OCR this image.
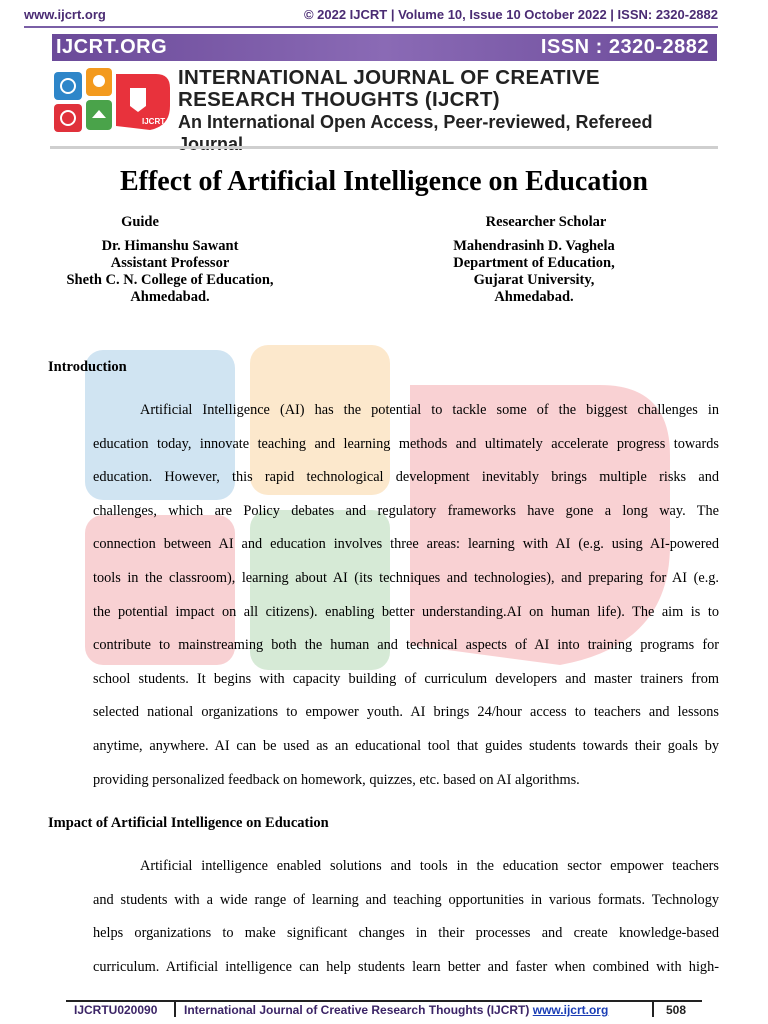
www.ijcrt.org	© 2022 IJCRT | Volume 10, Issue 10 October 2022 | ISSN: 2320-2882
IJCRT.ORG	ISSN : 2320-2882
IJCRT
INTERNATIONAL JOURNAL OF CREATIVE
RESEARCH THOUGHTS (IJCRT)
An International Open Access, Peer-reviewed, Refereed Journal
Effect of Artificial Intelligence on Education
Guide
Dr. Himanshu Sawant
Assistant Professor
Sheth C. N. College of Education,
Ahmedabad.
Researcher Scholar
Mahendrasinh D. Vaghela
Department of Education,
Gujarat University,
Ahmedabad.
Introduction
Artificial Intelligence (AI) has the potential to tackle some of the biggest challenges in
education today, innovate teaching and learning methods and ultimately accelerate progress towards
education. However, this rapid technological development inevitably brings multiple risks and
challenges, which are Policy debates and regulatory frameworks have gone a long way. The
connection between AI and education involves three areas: learning with AI (e.g. using AI-powered
tools in the classroom), learning about AI (its techniques and technologies), and preparing for AI (e.g.
the potential impact on all citizens). enabling better understanding.AI on human life). The aim is to
contribute to mainstreaming both the human and technical aspects of AI into training programs for
school students. It begins with capacity building of curriculum developers and master trainers from
selected national organizations to empower youth. AI brings 24/hour access to teachers and lessons
anytime, anywhere. AI can be used as an educational tool that guides students towards their goals by
providing personalized feedback on homework, quizzes, etc. based on AI algorithms.
Impact of Artificial Intelligence on Education
Artificial intelligence enabled solutions and tools in the education sector empower teachers
and students with a wide range of learning and teaching opportunities in various formats. Technology
helps organizations to make significant changes in their processes and create knowledge-based
curriculum. Artificial intelligence can help students learn better and faster when combined with high-
IJCRTU020090 International Journal of Creative Research Thoughts (IJCRT) www.ijcrt.org	508
